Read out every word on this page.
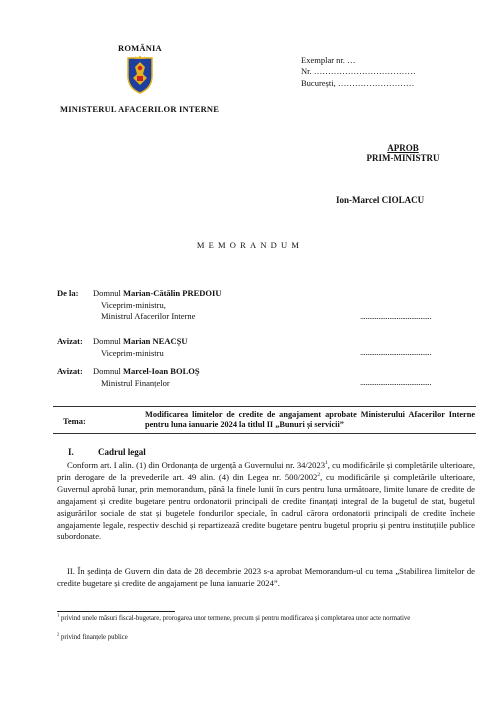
ROMÂNIA
MINISTERUL AFACERILOR INTERNE
Exemplar nr. …
Nr. ………………………………
București, ………………………
APROB
PRIM-MINISTRU
Ion-Marcel CIOLACU
MEMORANDUM
De la: Domnul Marian-Cătălin PREDOIU
Viceprim-ministru,
Ministrul Afacerilor Interne	.......................................
Avizat: Domnul Marian NEACȘU
Viceprim-ministru	.......................................
Avizat: Domnul Marcel-Ioan BOLOȘ
Ministrul Finanțelor	.......................................
Tema:
Modificarea limitelor de credite de angajament aprobate Ministerului Afacerilor Interne pentru luna ianuarie 2024 la titlul II „Bunuri și servicii”
I.	Cadrul legal
Conform art. I alin. (1) din Ordonanța de urgență a Guvernului nr. 34/2023$^1$, cu modificările și completările ulterioare, prin derogare de la prevederile art. 49 alin. (4) din Legea nr. 500/2002$^2$, cu modificările și completările ulterioare, Guvernul aprobă lunar, prin memorandum, până la finele lunii în curs pentru luna următoare, limite lunare de credite de angajament și credite bugetare pentru ordonatorii principali de credite finanțați integral de la bugetul de stat, bugetul asigurărilor sociale de stat și bugetele fondurilor speciale, în cadrul cărora ordonatorii principali de credite încheie angajamente legale, respectiv deschid și repartizează credite bugetare pentru bugetul propriu și pentru instituțiile publice subordonate.
II. În ședința de Guvern din data de 28 decembrie 2023 s-a aprobat Memorandum-ul cu tema „Stabilirea limitelor de credite bugetare și credite de angajament pe luna ianuarie 2024”.
$^1$ privind unele măsuri fiscal-bugetare, prorogarea unor termene, precum și pentru modificarea și completarea unor acte normative
$^2$ privind finanțele publice
